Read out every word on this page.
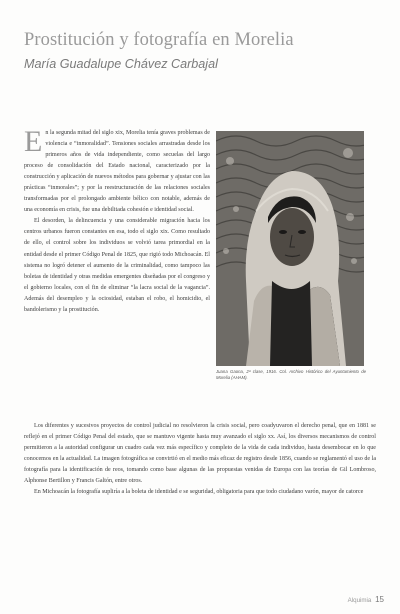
Prostitución y fotografía en Morelia
María Guadalupe Chávez Carbajal

En la segunda mitad del siglo xix, Morelia tenía graves problemas de violencia e “inmoralidad”. Tensiones sociales arrastradas desde los primeros años de vida independiente, como secuelas del largo proceso de consolidación del Estado nacional, caracterizado por la construcción y aplicación de nuevos métodos para gobernar y ajustar con las prácticas “inmorales”; y por la reestructuración de las relaciones sociales transformadas por el prolongado ambiente bélico con notable, además de una economía en crisis, fue una debilitada cohesión e identidad social.

El desorden, la delincuencia y una considerable migración hacia los centros urbanos fueron constantes en esa, todo el siglo xix. Como resultado de ello, el control sobre los individuos se volvió tarea primordial en la entidad desde el primer Código Penal de 1825, que rigió todo Michoacán. El sistema no logró detener el aumento de la criminalidad, como tampoco las boletas de identidad y otras medidas emergentes diseñadas por el congreso y el gobierno locales, con el fin de eliminar “la lacra social de la vagancia”. Además del desempleo y la ociosidad, estaban el robo, el homicidio, el bandolerismo y la prostitución.

Juana Gaona, 2ª clase, 1916. Col. Archivo Histórico del Ayuntamiento de Morelia (AHAM).

Los diferentes y sucesivos proyectos de control judicial no resolvieron la crisis social, pero coadyuvaron el derecho penal, que en 1881 se reflejó en el primer Código Penal del estado, que se mantuvo vigente hasta muy avanzado el siglo xx. Así, los diversos mecanismos de control permitieron a la autoridad configurar un cuadro cada vez más específico y completo de la vida de cada individuo, hasta desembocar en lo que conocemos en la actualidad. La imagen fotográfica se convirtió en el medio más eficaz de registro desde 1856, cuando se reglamentó el uso de la fotografía para la identificación de reos, tomando como base algunas de las propuestas venidas de Europa con las teorías de Gil Lombroso, Alphonse Bertillon y Francis Galtón, entre otros.

En Michoacán la fotografía supliría a la boleta de identidad e se seguridad, obligatoria para que todo ciudadano varón, mayor de catorce

Alquimia 15
